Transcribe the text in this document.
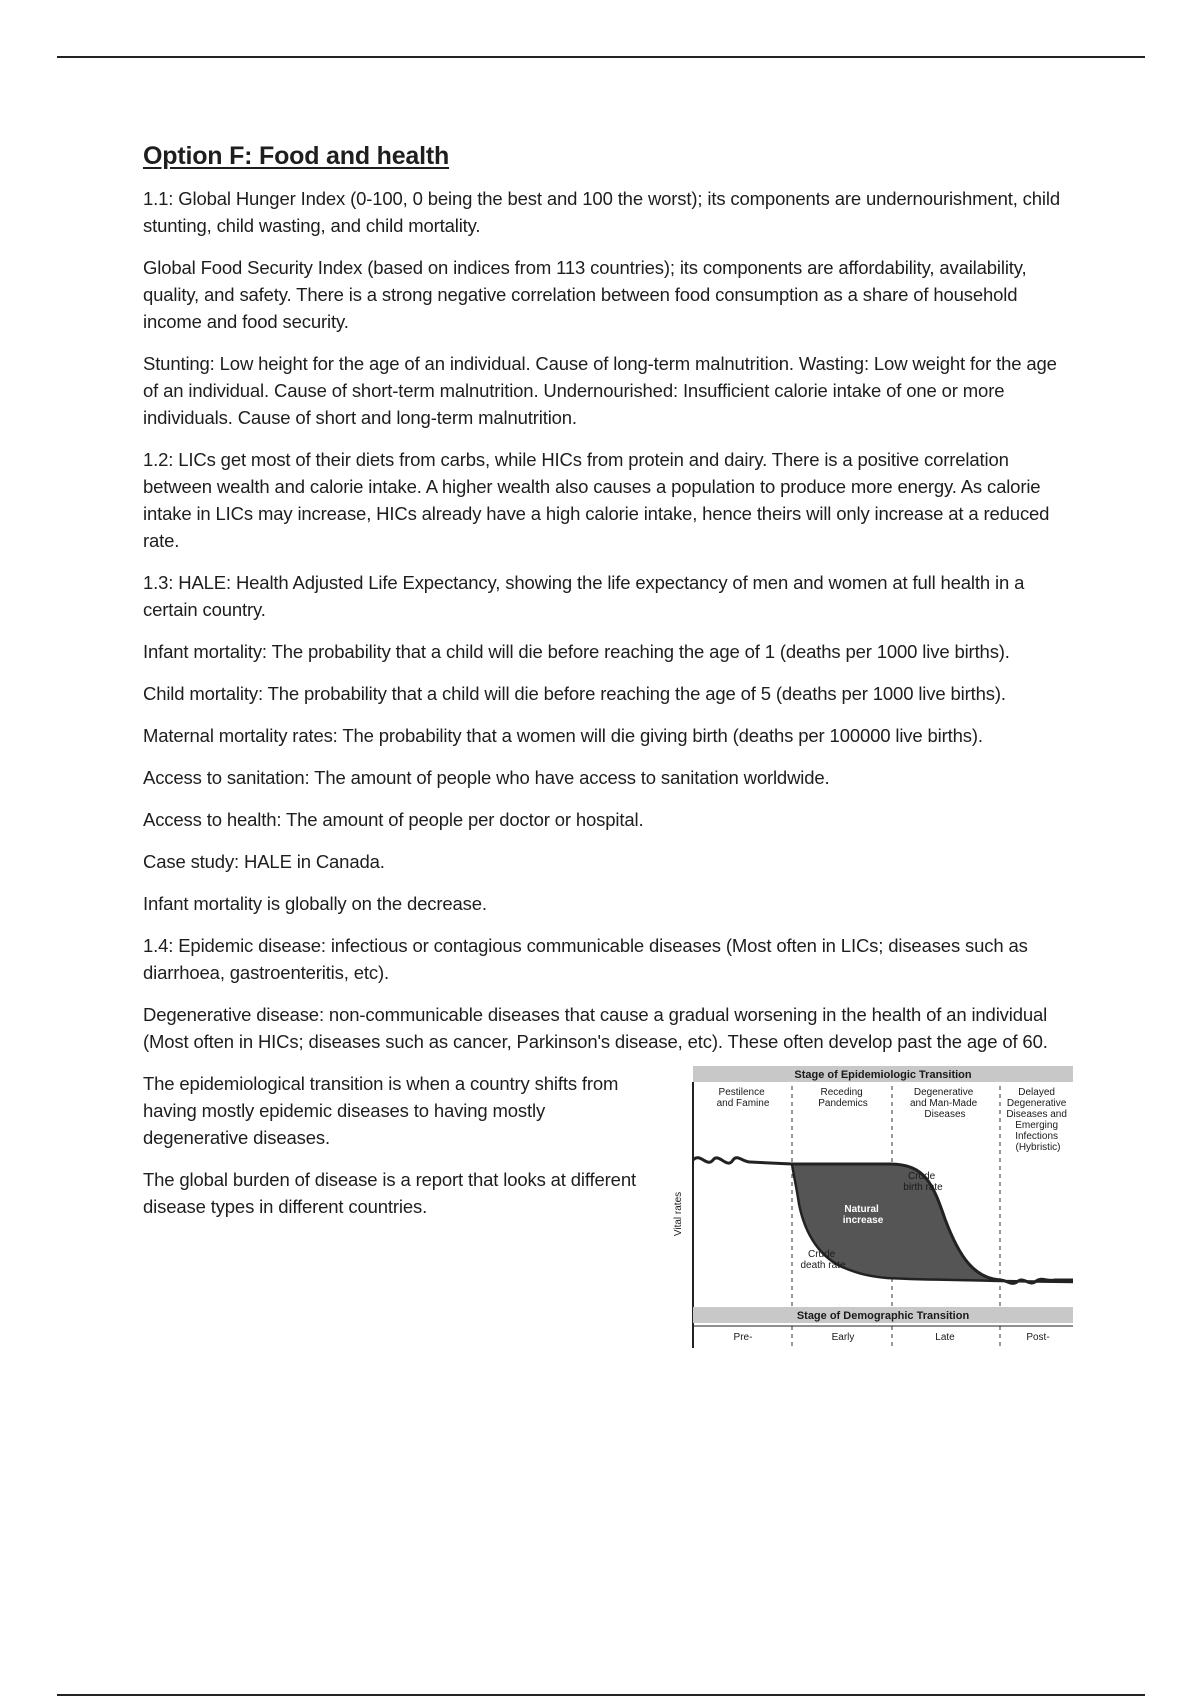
Option F: Food and health

1.1: Global Hunger Index (0-100, 0 being the best and 100 the worst); its components are undernourishment, child stunting, child wasting, and child mortality.

Global Food Security Index (based on indices from 113 countries); its components are affordability, availability, quality, and safety. There is a strong negative correlation between food consumption as a share of household income and food security.

Stunting: Low height for the age of an individual. Cause of long-term malnutrition. Wasting: Low weight for the age of an individual. Cause of short-term malnutrition. Undernourished: Insufficient calorie intake of one or more individuals. Cause of short and long-term malnutrition.

1.2: LICs get most of their diets from carbs, while HICs from protein and dairy. There is a positive correlation between wealth and calorie intake. A higher wealth also causes a population to produce more energy. As calorie intake in LICs may increase, HICs already have a high calorie intake, hence theirs will only increase at a reduced rate.

1.3: HALE: Health Adjusted Life Expectancy, showing the life expectancy of men and women at full health in a certain country.

Infant mortality: The probability that a child will die before reaching the age of 1 (deaths per 1000 live births).

Child mortality: The probability that a child will die before reaching the age of 5 (deaths per 1000 live births).

Maternal mortality rates: The probability that a women will die giving birth (deaths per 100000 live births).

Access to sanitation: The amount of people who have access to sanitation worldwide.

Access to health: The amount of people per doctor or hospital.

Case study: HALE in Canada.

Infant mortality is globally on the decrease.

1.4: Epidemic disease: infectious or contagious communicable diseases (Most often in LICs; diseases such as diarrhoea, gastroenteritis, etc).

Degenerative disease: non-communicable diseases that cause a gradual worsening in the health of an individual (Most often in HICs; diseases such as cancer, Parkinson's disease, etc). These often develop past the age of 60.

The epidemiological transition is when a country shifts from having mostly epidemic diseases to having mostly degenerative diseases.

The global burden of disease is a report that looks at different disease types in different countries.

Stage of Epidemiologic Transition
Pestilence and Famine
Receding Pandemics
Degenerative and Man-Made Diseases
Delayed Degenerative Diseases and Emerging Infections (Hybristic)
Vital rates
Crude birth rate
Natural increase
Crude death rate
Stage of Demographic Transition
Pre-	Early	Late	Post-
